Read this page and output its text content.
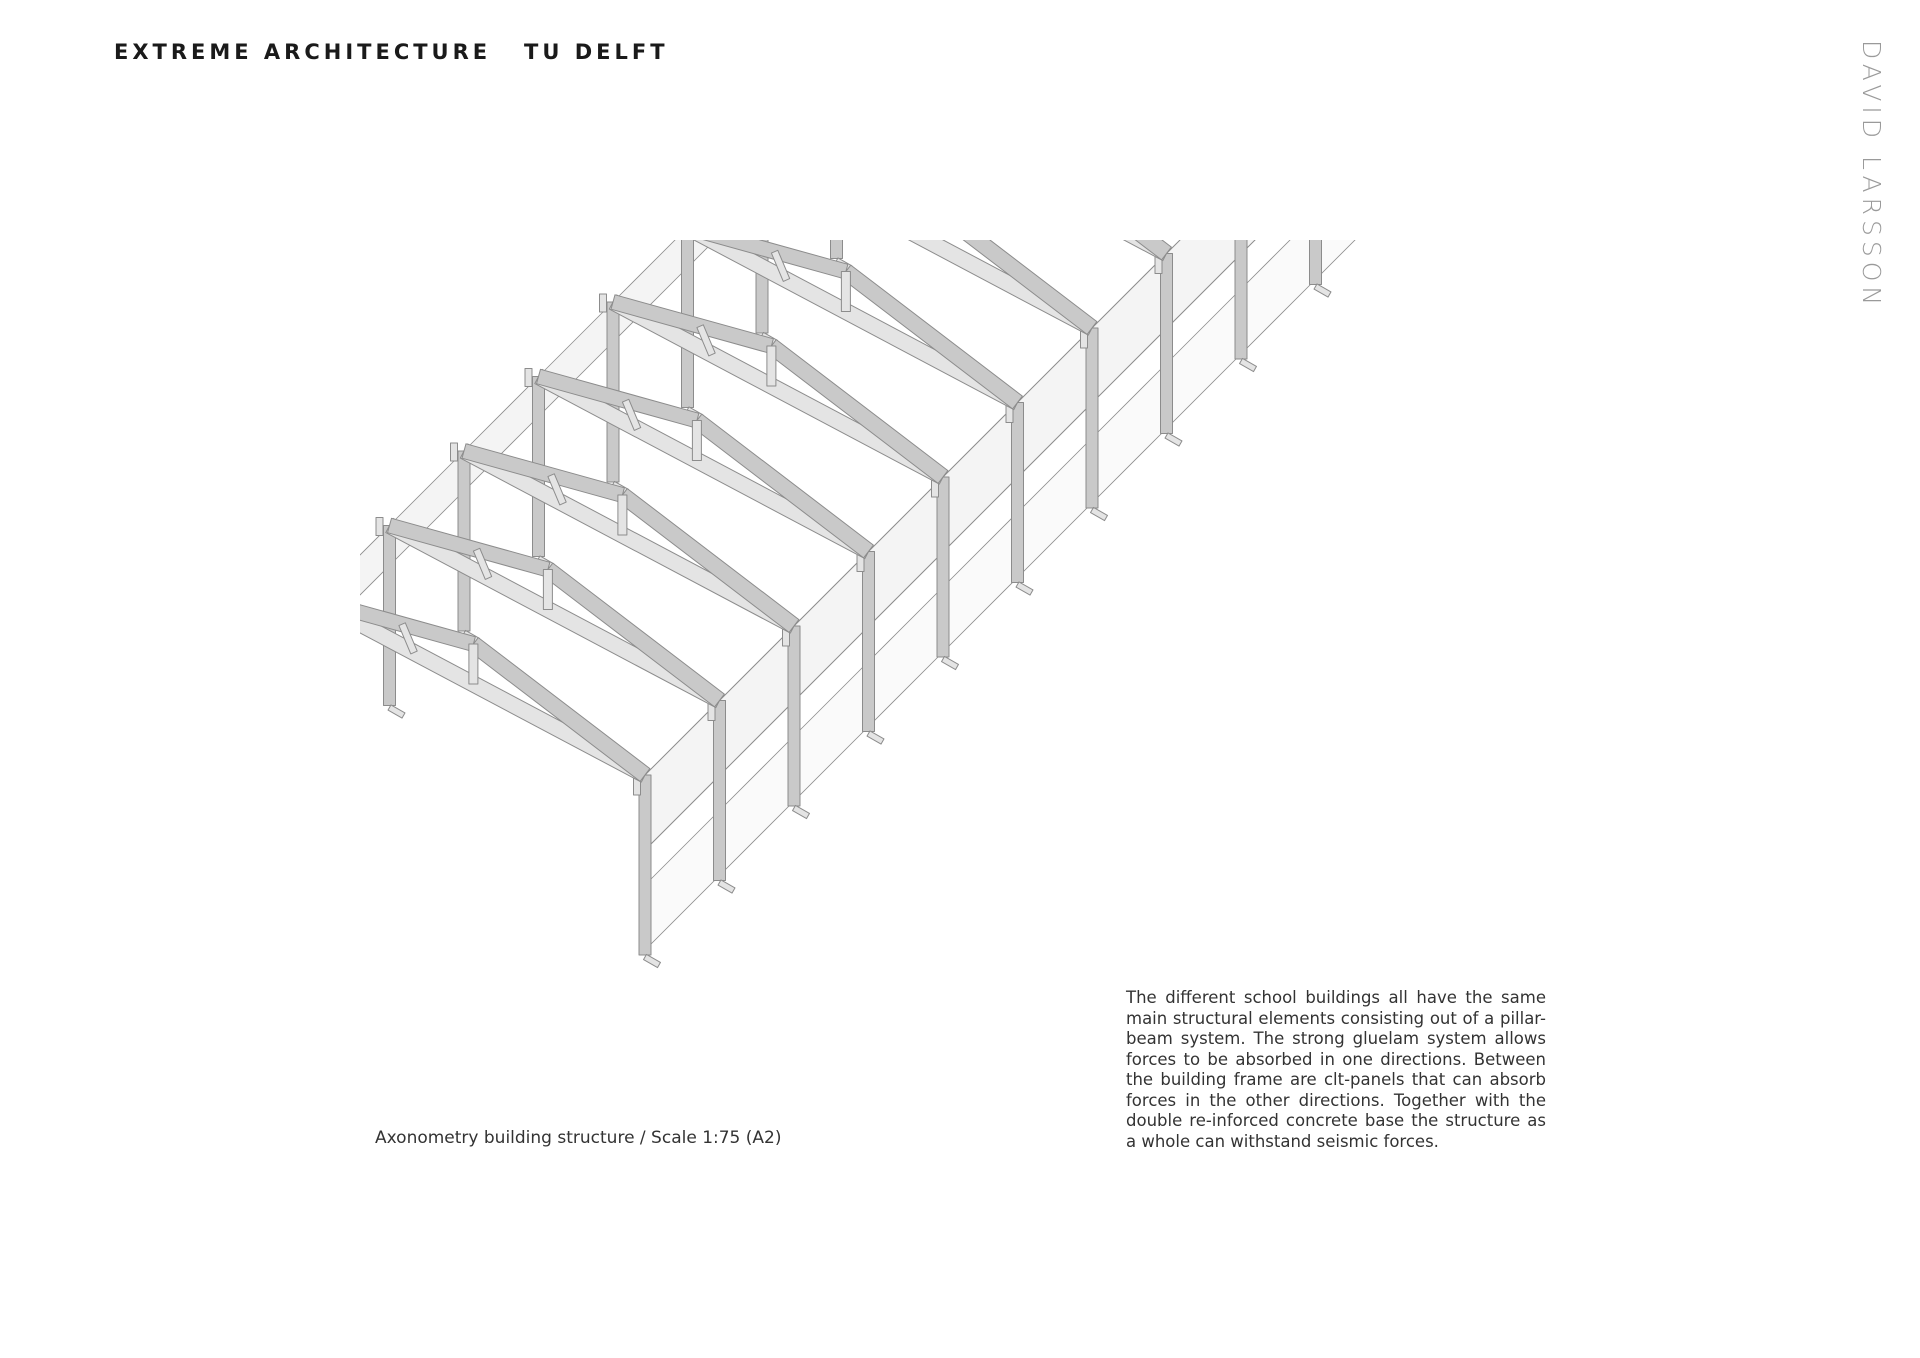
EXTREME ARCHITECTURE TU DELFT	DAVID LARSSON
Axonometry building structure / Scale 1:75 (A2)

The different school buildings all have the same main structural elements consisting out of a pillar-beam system. The strong gluelam system allows forces to be absorbed in one directions. Between the building frame are clt-panels that can absorb forces in the other directions. Together with the double re-inforced concrete base the structure as a whole can withstand seismic forces.
